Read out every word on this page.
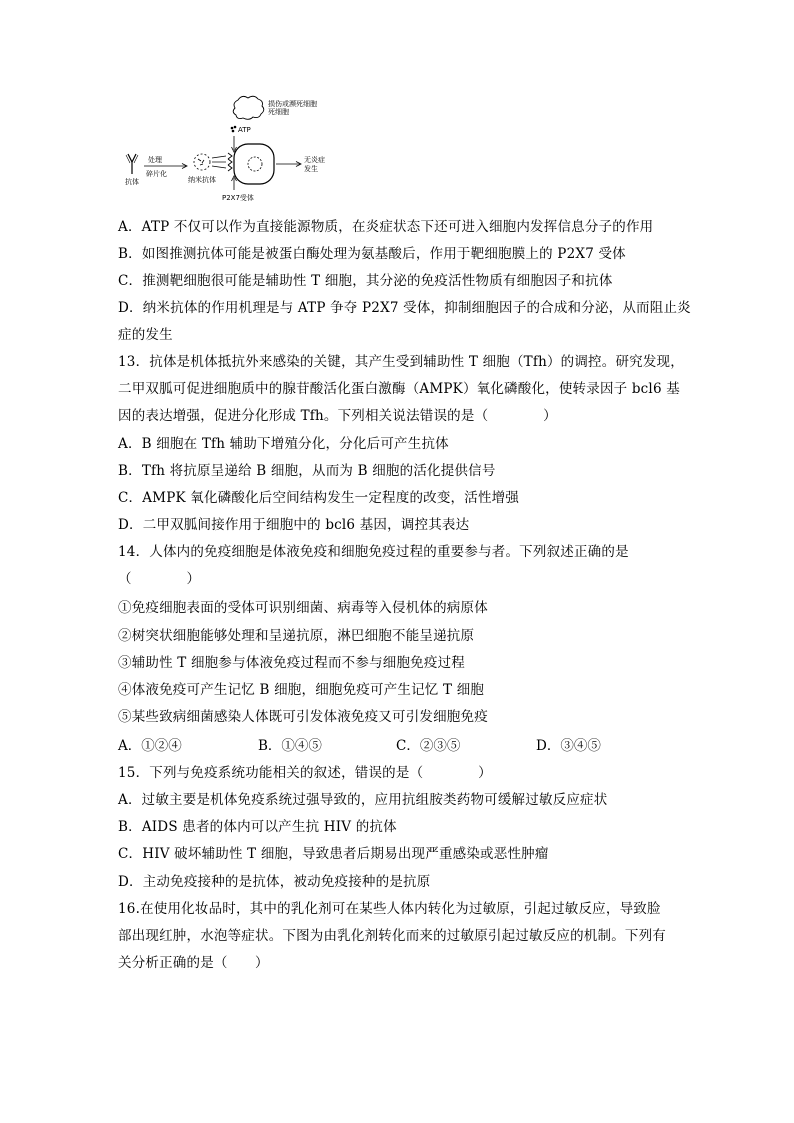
损伤或濒死细胞
死细胞
ATP
抗体
处理
碎片化
纳米抗体
P2X7受体
无炎症
发生
A．ATP 不仅可以作为直接能源物质，在炎症状态下还可进入细胞内发挥信息分子的作用
B．如图推测抗体可能是被蛋白酶处理为氨基酸后，作用于靶细胞膜上的 P2X7 受体
C．推测靶细胞很可能是辅助性 T 细胞，其分泌的免疫活性物质有细胞因子和抗体
D．纳米抗体的作用机理是与 ATP 争夺 P2X7 受体，抑制细胞因子的合成和分泌，从而阻止炎
症的发生
13．抗体是机体抵抗外来感染的关键，其产生受到辅助性 T 细胞（Tfh）的调控。研究发现，
二甲双胍可促进细胞质中的腺苷酸活化蛋白激酶（AMPK）氧化磷酸化，使转录因子 bcl6 基
因的表达增强，促进分化形成 Tfh。下列相关说法错误的是（　　　　）
A．B 细胞在 Tfh 辅助下增殖分化，分化后可产生抗体
B．Tfh 将抗原呈递给 B 细胞，从而为 B 细胞的活化提供信号
C．AMPK 氧化磷酸化后空间结构发生一定程度的改变，活性增强
D．二甲双胍间接作用于细胞中的 bcl6 基因，调控其表达
14．人体内的免疫细胞是体液免疫和细胞免疫过程的重要参与者。下列叙述正确的是
（　　　　）
①免疫细胞表面的受体可识别细菌、病毒等入侵机体的病原体
②树突状细胞能够处理和呈递抗原，淋巴细胞不能呈递抗原
③辅助性 T 细胞参与体液免疫过程而不参与细胞免疫过程
④体液免疫可产生记忆 B 细胞，细胞免疫可产生记忆 T 细胞
⑤某些致病细菌感染人体既可引发体液免疫又可引发细胞免疫
A．①②④	B．①④⑤	C．②③⑤	D．③④⑤
15．下列与免疫系统功能相关的叙述，错误的是（　　　　）
A．过敏主要是机体免疫系统过强导致的，应用抗组胺类药物可缓解过敏反应症状
B．AIDS 患者的体内可以产生抗 HIV 的抗体
C．HIV 破坏辅助性 T 细胞，导致患者后期易出现严重感染或恶性肿瘤
D．主动免疫接种的是抗体，被动免疫接种的是抗原
16.在使用化妆品时，其中的乳化剂可在某些人体内转化为过敏原，引起过敏反应，导致脸
部出现红肿，水泡等症状。下图为由乳化剂转化而来的过敏原引起过敏反应的机制。下列有
关分析正确的是（　　）
